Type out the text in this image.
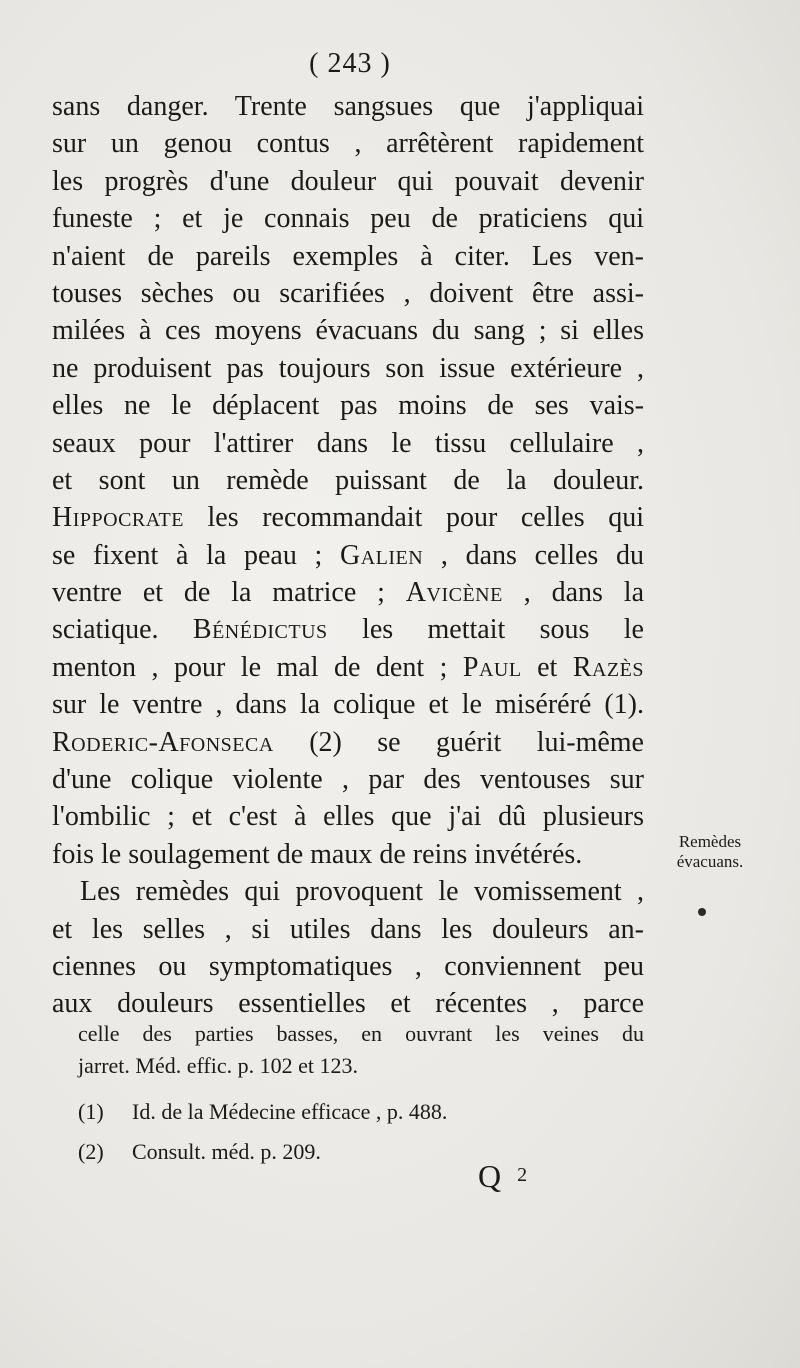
( 243 )
sans danger. Trente sangsues que j'appliquai
sur un genou contus , arrêtèrent rapidement
les progrès d'une douleur qui pouvait devenir
funeste ; et je connais peu de praticiens qui
n'aient de pareils exemples à citer. Les ven-
touses sèches ou scarifiées , doivent être assi-
milées à ces moyens évacuans du sang ; si elles
ne produisent pas toujours son issue extérieure ,
elles ne le déplacent pas moins de ses vais-
seaux pour l'attirer dans le tissu cellulaire ,
et sont un remède puissant de la douleur.
Hippocrate les recommandait pour celles qui
se fixent à la peau ; Galien , dans celles du
ventre et de la matrice ; Avicène , dans la
sciatique. Bénédictus les mettait sous le
menton , pour le mal de dent ; Paul et Razès
sur le ventre , dans la colique et le miséréré (1).
Roderic-Afonseca (2) se guérit lui-même
d'une colique violente , par des ventouses sur
l'ombilic ; et c'est à elles que j'ai dû plusieurs
fois le soulagement de maux de reins invétérés.
Les remèdes qui provoquent le vomissement ,
et les selles , si utiles dans les douleurs an-
ciennes ou symptomatiques , conviennent peu
aux douleurs essentielles et récentes , parce
Remèdes
évacuans.
celle des parties basses, en ouvrant les veines du
jarret. Méd. effic. p. 102 et 123.
(1) Id. de la Médecine efficace , p. 488.
(2) Consult. méd. p. 209.
Q $^2$
